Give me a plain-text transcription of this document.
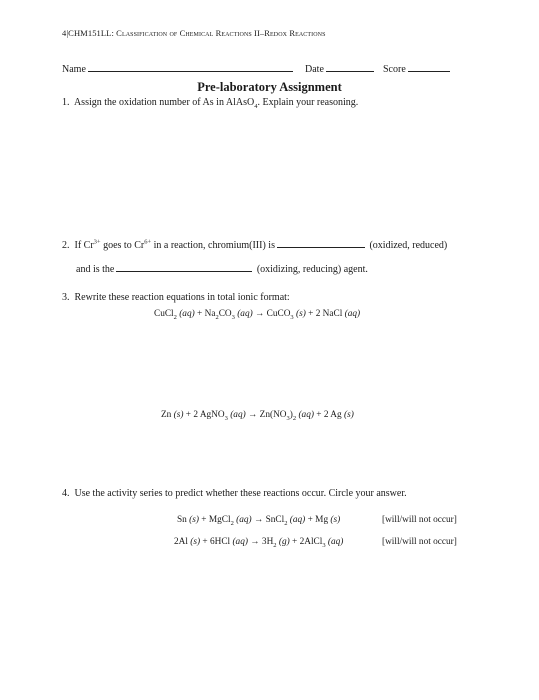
4|CHM151LL: Classification of Chemical Reactions II–Redox Reactions
Name	Date	Score
Pre-laboratory Assignment
1. Assign the oxidation number of As in AlAsO$_4$. Explain your reasoning.
2. If $Cr^{3+}$ goes to $Cr^{6+}$ in a reaction, chromium(III) is	(oxidized, reduced)
and is the	(oxidizing, reducing) agent.
3. Rewrite these reaction equations in total ionic format:
CuCl$_2$ $(aq) + Na_2CO_3$ (aq) → CuCO$_3$ (s) + 2 NaCl (aq)
Zn (s) + 2 AgNO$_3$ $(aq) \to Zn(NO_3)_2$ (aq) + 2 Ag (s)
4. Use the activity series to predict whether these reactions occur. Circle your answer.
Sn (s) + MgCl$_2$ (aq) → SnCl$_2$ (aq) + Mg (s)	[will/will not occur]
2Al (s) + 6HCl $(aq) \to 3H_2$ (g) + 2AlCl$_3$ (aq)	[will/will not occur]
